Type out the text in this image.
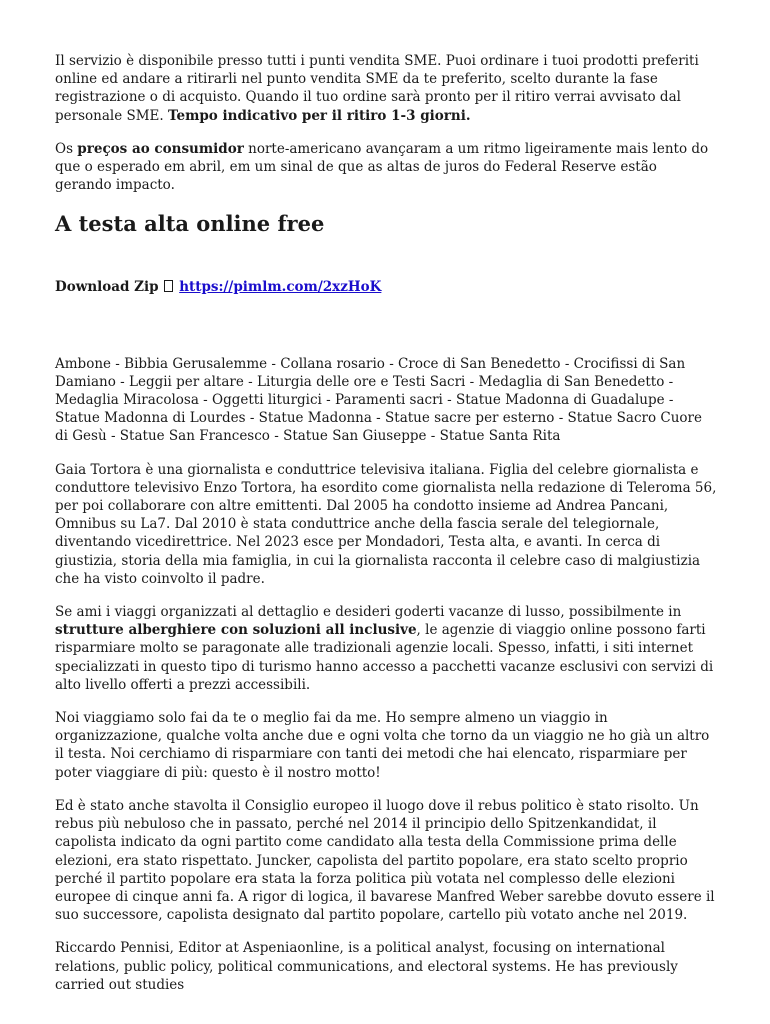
Il servizio è disponibile presso tutti i punti vendita SME. Puoi ordinare i tuoi prodotti preferiti online ed andare a ritirarli nel punto vendita SME da te preferito, scelto durante la fase registrazione o di acquisto. Quando il tuo ordine sarà pronto per il ritiro verrai avvisato dal personale SME. Tempo indicativo per il ritiro 1-3 giorni.

Os preços ao consumidor norte-americano avançaram a um ritmo ligeiramente mais lento do que o esperado em abril, em um sinal de que as altas de juros do Federal Reserve estão gerando impacto.

A testa alta online free

Download Zip https://pimlm.com/2xzHoK

Ambone - Bibbia Gerusalemme - Collana rosario - Croce di San Benedetto - Crocifissi di San Damiano - Leggii per altare - Liturgia delle ore e Testi Sacri - Medaglia di San Benedetto - Medaglia Miracolosa - Oggetti liturgici - Paramenti sacri - Statue Madonna di Guadalupe - Statue Madonna di Lourdes - Statue Madonna - Statue sacre per esterno - Statue Sacro Cuore di Gesù - Statue San Francesco - Statue San Giuseppe - Statue Santa Rita

Gaia Tortora è una giornalista e conduttrice televisiva italiana. Figlia del celebre giornalista e conduttore televisivo Enzo Tortora, ha esordito come giornalista nella redazione di Teleroma 56, per poi collaborare con altre emittenti. Dal 2005 ha condotto insieme ad Andrea Pancani, Omnibus su La7. Dal 2010 è stata conduttrice anche della fascia serale del telegiornale, diventando vicedirettrice. Nel 2023 esce per Mondadori, Testa alta, e avanti. In cerca di giustizia, storia della mia famiglia, in cui la giornalista racconta il celebre caso di malgiustizia che ha visto coinvolto il padre.

Se ami i viaggi organizzati al dettaglio e desideri goderti vacanze di lusso, possibilmente in strutture alberghiere con soluzioni all inclusive, le agenzie di viaggio online possono farti risparmiare molto se paragonate alle tradizionali agenzie locali. Spesso, infatti, i siti internet specializzati in questo tipo di turismo hanno accesso a pacchetti vacanze esclusivi con servizi di alto livello offerti a prezzi accessibili.

Noi viaggiamo solo fai da te o meglio fai da me. Ho sempre almeno un viaggio in organizzazione, qualche volta anche due e ogni volta che torno da un viaggio ne ho già un altro il testa. Noi cerchiamo di risparmiare con tanti dei metodi che hai elencato, risparmiare per poter viaggiare di più: questo è il nostro motto!

Ed è stato anche stavolta il Consiglio europeo il luogo dove il rebus politico è stato risolto. Un rebus più nebuloso che in passato, perché nel 2014 il principio dello Spitzenkandidat, il capolista indicato da ogni partito come candidato alla testa della Commissione prima delle elezioni, era stato rispettato. Juncker, capolista del partito popolare, era stato scelto proprio perché il partito popolare era stata la forza politica più votata nel complesso delle elezioni europee di cinque anni fa. A rigor di logica, il bavarese Manfred Weber sarebbe dovuto essere il suo successore, capolista designato dal partito popolare, cartello più votato anche nel 2019.

Riccardo Pennisi, Editor at Aspeniaonline, is a political analyst, focusing on international relations, public policy, political communications, and electoral systems. He has previously carried out studies
